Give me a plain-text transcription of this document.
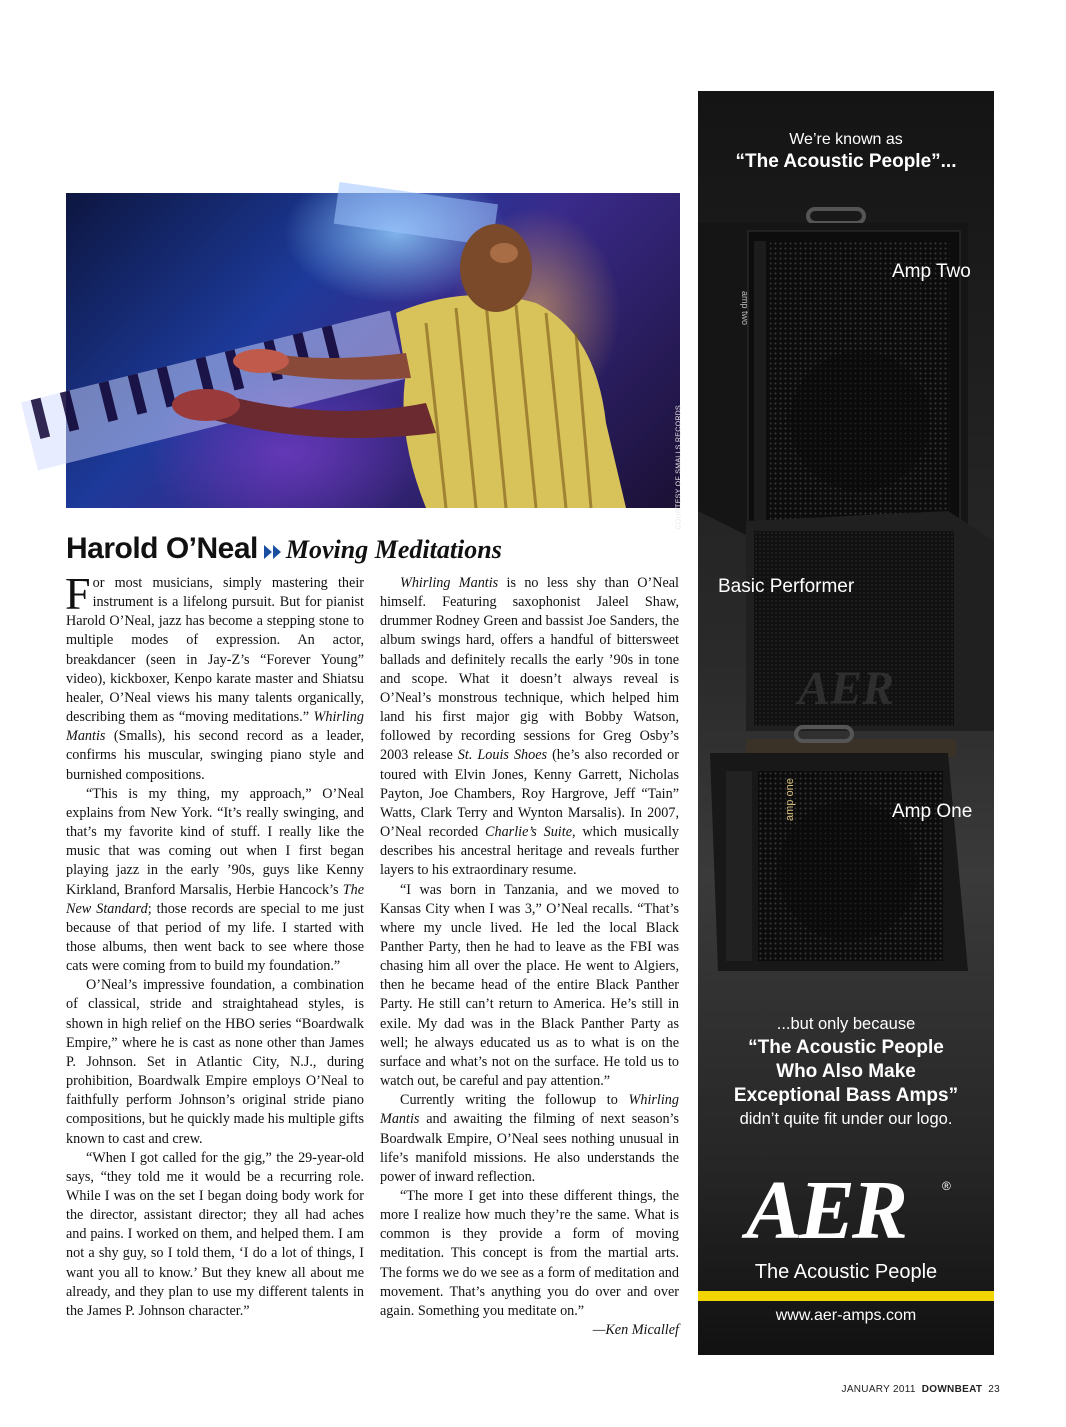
COURTESY OF SMALLS RECORDS
Harold O’Neal Moving Meditations

For most musicians, simply mastering their instrument is a lifelong pursuit. But for pianist Harold O’Neal, jazz has become a stepping stone to multiple modes of expression. An actor, breakdancer (seen in Jay-Z’s “Forever Young” video), kickboxer, Kenpo karate master and Shiatsu healer, O’Neal views his many talents organically, describing them as “moving meditations.” Whirling Mantis (Smalls), his second record as a leader, confirms his muscular, swinging piano style and burnished compositions.

“This is my thing, my approach,” O’Neal explains from New York. “It’s really swinging, and that’s my favorite kind of stuff. I really like the music that was coming out when I first began playing jazz in the early ’90s, guys like Kenny Kirkland, Branford Marsalis, Herbie Hancock’s The New Standard; those records are special to me just because of that period of my life. I started with those albums, then went back to see where those cats were coming from to build my foundation.”

O’Neal’s impressive foundation, a combination of classical, stride and straightahead styles, is shown in high relief on the HBO series “Boardwalk Empire,” where he is cast as none other than James P. Johnson. Set in Atlantic City, N.J., during prohibition, Boardwalk Empire employs O’Neal to faithfully perform Johnson’s original stride piano compositions, but he quickly made his multiple gifts known to cast and crew.

“When I got called for the gig,” the 29-year-old says, “they told me it would be a recurring role. While I was on the set I began doing body work for the director, assistant director; they all had aches and pains. I worked on them, and helped them. I am not a shy guy, so I told them, ‘I do a lot of things, I want you all to know.’ But they knew all about me already, and they plan to use my different talents in the James P. Johnson character.”

Whirling Mantis is no less shy than O’Neal himself. Featuring saxophonist Jaleel Shaw, drummer Rodney Green and bassist Joe Sanders, the album swings hard, offers a handful of bittersweet ballads and definitely recalls the early ’90s in tone and scope. What it doesn’t always reveal is O’Neal’s monstrous technique, which helped him land his first major gig with Bobby Watson, followed by recording sessions for Greg Osby’s 2003 release St. Louis Shoes (he’s also recorded or toured with Elvin Jones, Kenny Garrett, Nicholas Payton, Joe Chambers, Roy Hargrove, Jeff “Tain” Watts, Clark Terry and Wynton Marsalis). In 2007, O’Neal recorded Charlie’s Suite, which musically describes his ancestral heritage and reveals further layers to his extraordinary resume.

“I was born in Tanzania, and we moved to Kansas City when I was 3,” O’Neal recalls. “That’s where my uncle lived. He led the local Black Panther Party, then he had to leave as the FBI was chasing him all over the place. He went to Algiers, then he became head of the entire Black Panther Party. He still can’t return to America. He’s still in exile. My dad was in the Black Panther Party as well; he always educated us as to what is on the surface and what’s not on the surface. He told us to watch out, be careful and pay attention.”

Currently writing the followup to Whirling Mantis and awaiting the filming of next season’s Boardwalk Empire, O’Neal sees nothing unusual in life’s manifold missions. He also understands the power of inward reflection.

“The more I get into these different things, the more I realize how much they’re the same. What is common is they provide a form of moving meditation. This concept is from the martial arts. The forms we do we see as a form of meditation and movement. That’s anything you do over and over again. Something you meditate on.”

—Ken Micallef
We’re known as
“The Acoustic People”...
amp two
Amp Two
Basic Performer
AER
amp one	Amp One
...but only because
“The Acoustic People
Who Also Make
Exceptional Bass Amps”
didn’t quite fit under our logo.
AER	®
The Acoustic People
www.aer-amps.com
JANUARY 2011 DOWNBEAT 23
